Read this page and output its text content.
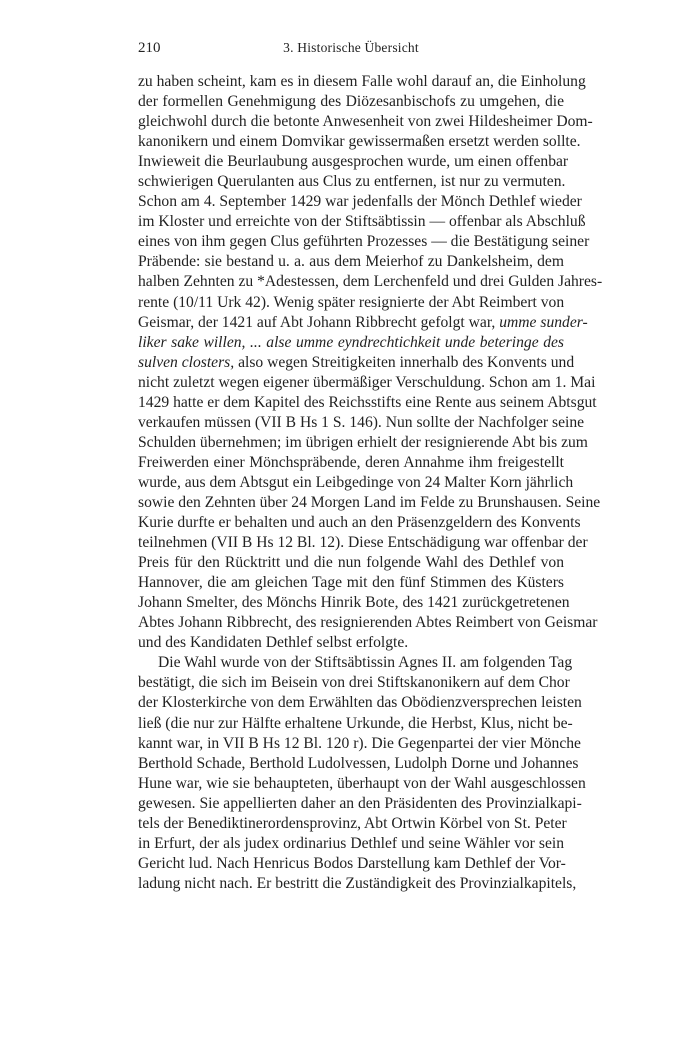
210	3. Historische Übersicht
zu haben scheint, kam es in diesem Falle wohl darauf an, die Einholung
der formellen Genehmigung des Diözesanbischofs zu umgehen, die
gleichwohl durch die betonte Anwesenheit von zwei Hildesheimer Dom-
kanonikern und einem Domvikar gewissermaßen ersetzt werden sollte.
Inwieweit die Beurlaubung ausgesprochen wurde, um einen offenbar
schwierigen Querulanten aus Clus zu entfernen, ist nur zu vermuten.
Schon am 4. September 1429 war jedenfalls der Mönch Dethlef wieder
im Kloster und erreichte von der Stiftsäbtissin — offenbar als Abschluß
eines von ihm gegen Clus geführten Prozesses — die Bestätigung seiner
Präbende: sie bestand u. a. aus dem Meierhof zu Dankelsheim, dem
halben Zehnten zu *Adestessen, dem Lerchenfeld und drei Gulden Jahres-
rente (10/11 Urk 42). Wenig später resignierte der Abt Reimbert von
Geismar, der 1421 auf Abt Johann Ribbrecht gefolgt war, umme sunder-
liker sake willen, ... alse umme eyndrechtichkeit unde beteringe des
sulven closters, also wegen Streitigkeiten innerhalb des Konvents und
nicht zuletzt wegen eigener übermäßiger Verschuldung. Schon am 1. Mai
1429 hatte er dem Kapitel des Reichsstifts eine Rente aus seinem Abtsgut
verkaufen müssen (VII B Hs 1 S. 146). Nun sollte der Nachfolger seine
Schulden übernehmen; im übrigen erhielt der resignierende Abt bis zum
Freiwerden einer Mönchspräbende, deren Annahme ihm freigestellt
wurde, aus dem Abtsgut ein Leibgedinge von 24 Malter Korn jährlich
sowie den Zehnten über 24 Morgen Land im Felde zu Brunshausen. Seine
Kurie durfte er behalten und auch an den Präsenzgeldern des Konvents
teilnehmen (VII B Hs 12 Bl. 12). Diese Entschädigung war offenbar der
Preis für den Rücktritt und die nun folgende Wahl des Dethlef von
Hannover, die am gleichen Tage mit den fünf Stimmen des Küsters
Johann Smelter, des Mönchs Hinrik Bote, des 1421 zurückgetretenen
Abtes Johann Ribbrecht, des resignierenden Abtes Reimbert von Geismar
und des Kandidaten Dethlef selbst erfolgte.
Die Wahl wurde von der Stiftsäbtissin Agnes II. am folgenden Tag
bestätigt, die sich im Beisein von drei Stiftskanonikern auf dem Chor
der Klosterkirche von dem Erwählten das Obödienzversprechen leisten
ließ (die nur zur Hälfte erhaltene Urkunde, die Herbst, Klus, nicht be-
kannt war, in VII B Hs 12 Bl. 120 r). Die Gegenpartei der vier Mönche
Berthold Schade, Berthold Ludolvessen, Ludolph Dorne und Johannes
Hune war, wie sie behaupteten, überhaupt von der Wahl ausgeschlossen
gewesen. Sie appellierten daher an den Präsidenten des Provinzialkapi-
tels der Benediktinerordensprovinz, Abt Ortwin Körbel von St. Peter
in Erfurt, der als judex ordinarius Dethlef und seine Wähler vor sein
Gericht lud. Nach Henricus Bodos Darstellung kam Dethlef der Vor-
ladung nicht nach. Er bestritt die Zuständigkeit des Provinzialkapitels,
